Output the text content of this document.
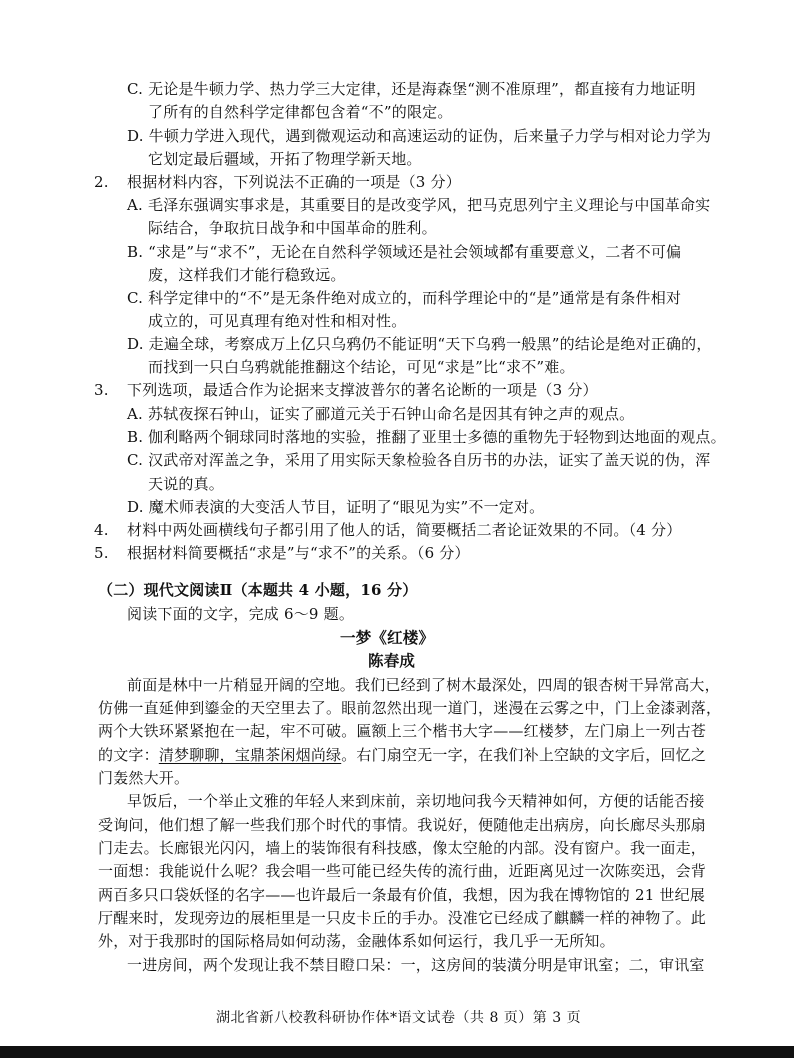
C. 无论是牛顿力学、热力学三大定律，还是海森堡“测不准原理”，都直接有力地证明
了所有的自然科学定律都包含着“不”的限定。
D. 牛顿力学进入现代，遇到微观运动和高速运动的证伪，后来量子力学与相对论力学为
它划定最后疆域，开拓了物理学新天地。
2. 根据材料内容，下列说法不正确的一项是（3 分）
A. 毛泽东强调实事求是，其重要目的是改变学风，把马克思列宁主义理论与中国革命实
际结合，争取抗日战争和中国革命的胜利。
B. “求是”与“求不”，无论在自然科学领域还是社会领域都有重要意义，二者不可偏
废，这样我们才能行稳致远。
C. 科学定律中的“不”是无条件绝对成立的，而科学理论中的“是”通常是有条件相对
成立的，可见真理有绝对性和相对性。
D. 走遍全球，考察成万上亿只乌鸦仍不能证明“天下乌鸦一般黑”的结论是绝对正确的，
而找到一只白乌鸦就能推翻这个结论，可见“求是”比“求不”难。
3. 下列选项，最适合作为论据来支撑波普尔的著名论断的一项是（3 分）
A. 苏轼夜探石钟山，证实了郦道元关于石钟山命名是因其有钟之声的观点。
B. 伽利略两个铜球同时落地的实验，推翻了亚里士多德的重物先于轻物到达地面的观点。
C. 汉武帝对浑盖之争，采用了用实际天象检验各自历书的办法，证实了盖天说的伪，浑
天说的真。
D. 魔术师表演的大变活人节目，证明了“眼见为实”不一定对。
4. 材料中两处画横线句子都引用了他人的话，简要概括二者论证效果的不同。（4 分）
5. 根据材料简要概括“求是”与“求不”的关系。（6 分）
（二）现代文阅读Ⅱ（本题共 4 小题，16 分）
阅读下面的文字，完成 6～9 题。
一梦《红楼》
陈春成
前面是林中一片稍显开阔的空地。我们已经到了树木最深处，四周的银杏树干异常高大，
仿佛一直延伸到鎏金的天空里去了。眼前忽然出现一道门，迷漫在云雾之中，门上金漆剥落，
两个大铁环紧紧抱在一起，牢不可破。匾额上三个楷书大字——红楼梦，左门扇上一列古苍
的文字：清梦聊聊，宝鼎茶闲烟尚绿。右门扇空无一字，在我们补上空缺的文字后，回忆之
门轰然大开。
早饭后，一个举止文雅的年轻人来到床前，亲切地问我今天精神如何，方便的话能否接
受询问，他们想了解一些我们那个时代的事情。我说好，便随他走出病房，向长廊尽头那扇
门走去。长廊银光闪闪，墙上的装饰很有科技感，像太空舱的内部。没有窗户。我一面走，
一面想：我能说什么呢？我会唱一些可能已经失传的流行曲，近距离见过一次陈奕迅，会背
两百多只口袋妖怪的名字——也许最后一条最有价值，我想，因为我在博物馆的 21 世纪展
厅醒来时，发现旁边的展柜里是一只皮卡丘的手办。没准它已经成了麒麟一样的神物了。此
外，对于我那时的国际格局如何动荡，金融体系如何运行，我几乎一无所知。
一进房间，两个发现让我不禁目瞪口呆：一，这房间的装潢分明是审讯室；二，审讯室
湖北省新八校教科研协作体*语文试卷（共 8 页）第 3 页
